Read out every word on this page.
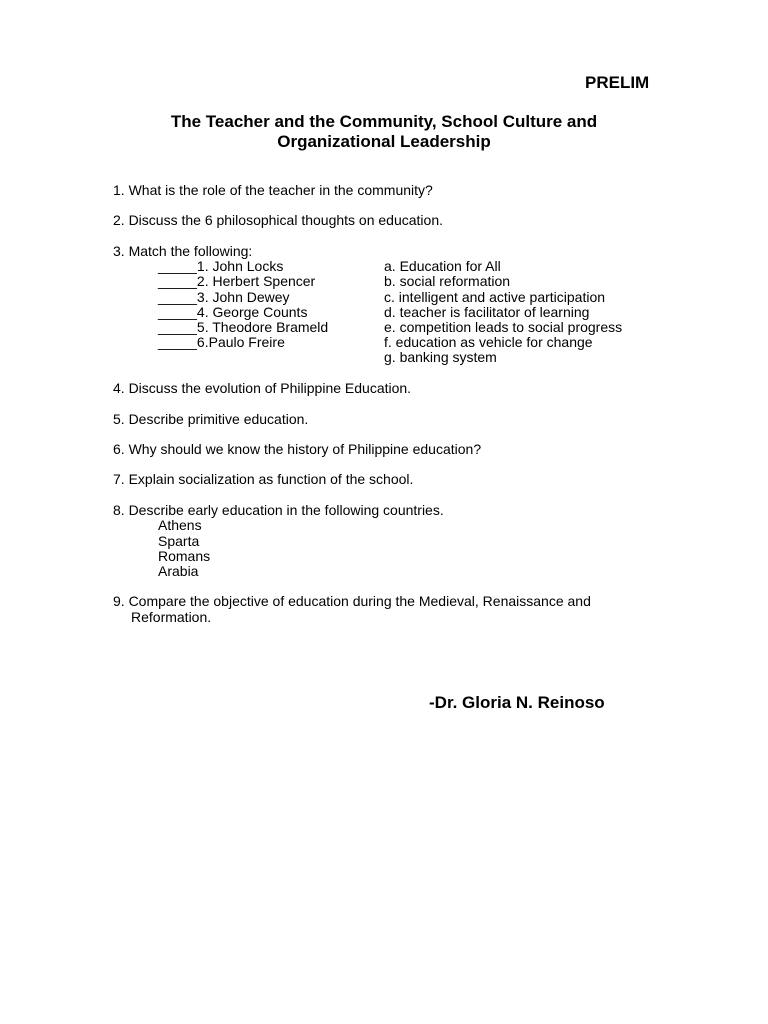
PRELIM
The Teacher and the Community, School Culture and
Organizational Leadership
1. What is the role of the teacher in the community?
2. Discuss the 6 philosophical thoughts on education.
3. Match the following:
_____1. John Locks
_____2. Herbert Spencer
_____3. John Dewey
_____4. George Counts
_____5. Theodore Brameld
_____6.Paulo Freire
a. Education for All
b. social reformation
c. intelligent and active participation
d. teacher is facilitator of learning
e. competition leads to social progress
f. education as vehicle for change
g. banking system
4. Discuss the evolution of Philippine Education.
5. Describe primitive education.
6. Why should we know the history of Philippine education?
7. Explain socialization as function of the school.
8. Describe early education in the following countries.
Athens
Sparta
Romans
Arabia
9. Compare the objective of education during the Medieval, Renaissance and
Reformation.
-Dr. Gloria N. Reinoso
